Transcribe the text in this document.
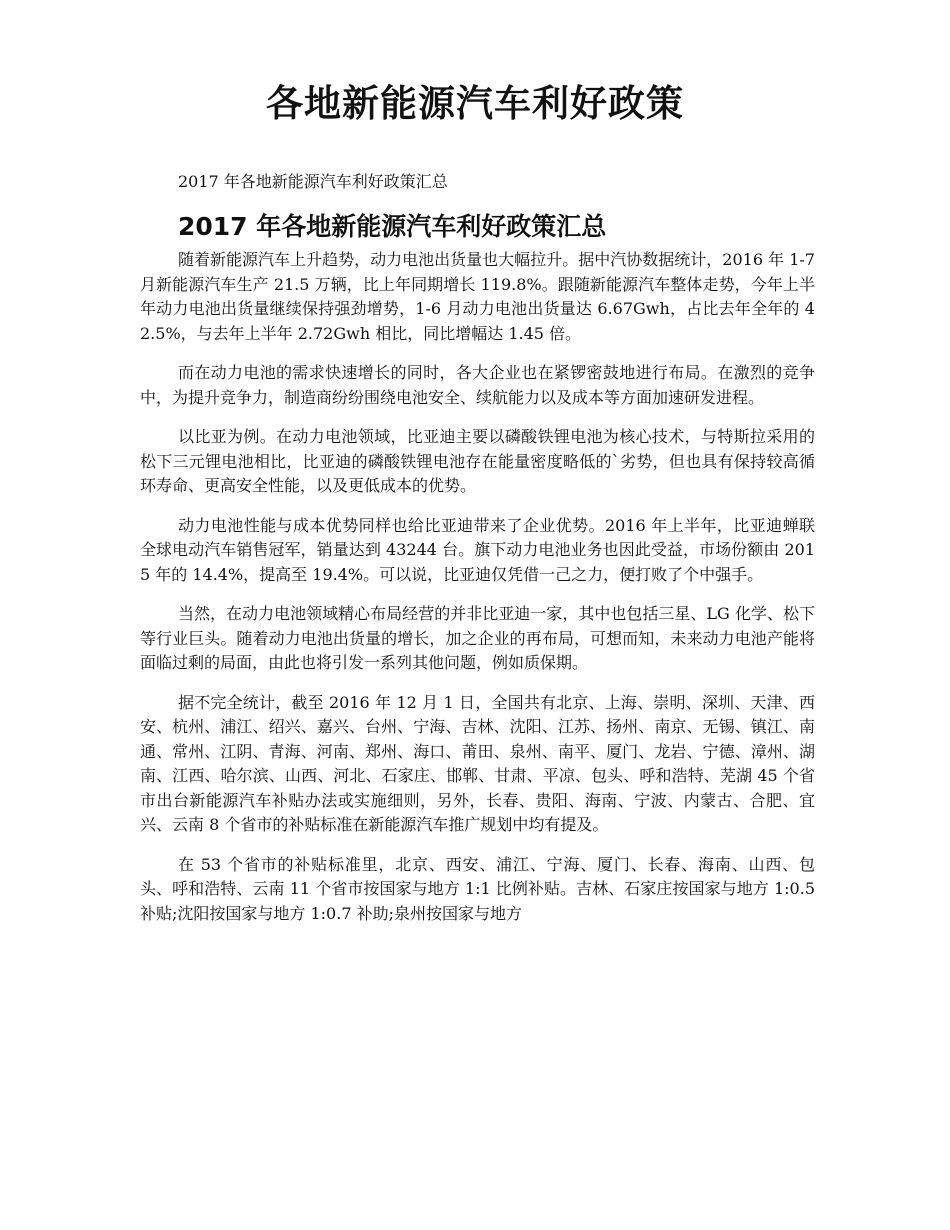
各地新能源汽车利好政策

2017 年各地新能源汽车利好政策汇总

2017 年各地新能源汽车利好政策汇总

随着新能源汽车上升趋势，动力电池出货量也大幅拉升。据中汽协数据统计，2016 年 1-7 月新能源汽车生产 21.5 万辆，比上年同期增长 119.8%。跟随新能源汽车整体走势，今年上半年动力电池出货量继续保持强劲增势，1-6 月动力电池出货量达 6.67Gwh，占比去年全年的 42.5%，与去年上半年 2.72Gwh 相比，同比增幅达 1.45 倍。

而在动力电池的需求快速增长的同时，各大企业也在紧锣密鼓地进行布局。在激烈的竞争中，为提升竞争力，制造商纷纷围绕电池安全、续航能力以及成本等方面加速研发进程。

以比亚为例。在动力电池领域，比亚迪主要以磷酸铁锂电池为核心技术，与特斯拉采用的松下三元锂电池相比，比亚迪的磷酸铁锂电池存在能量密度略低的`劣势，但也具有保持较高循环寿命、更高安全性能，以及更低成本的优势。

动力电池性能与成本优势同样也给比亚迪带来了企业优势。2016 年上半年，比亚迪蝉联全球电动汽车销售冠军，销量达到 43244 台。旗下动力电池业务也因此受益，市场份额由 2015 年的 14.4%，提高至 19.4%。可以说，比亚迪仅凭借一己之力，便打败了个中强手。

当然，在动力电池领域精心布局经营的并非比亚迪一家，其中也包括三星、LG 化学、松下等行业巨头。随着动力电池出货量的增长，加之企业的再布局，可想而知，未来动力电池产能将面临过剩的局面，由此也将引发一系列其他问题，例如质保期。

据不完全统计，截至 2016 年 12 月 1 日，全国共有北京、上海、崇明、深圳、天津、西安、杭州、浦江、绍兴、嘉兴、台州、宁海、吉林、沈阳、江苏、扬州、南京、无锡、镇江、南通、常州、江阴、青海、河南、郑州、海口、莆田、泉州、南平、厦门、龙岩、宁德、漳州、湖南、江西、哈尔滨、山西、河北、石家庄、邯郸、甘肃、平凉、包头、呼和浩特、芜湖 45 个省市出台新能源汽车补贴办法或实施细则，另外，长春、贵阳、海南、宁波、内蒙古、合肥、宜兴、云南 8 个省市的补贴标准在新能源汽车推广规划中均有提及。

在 53 个省市的补贴标准里，北京、西安、浦江、宁海、厦门、长春、海南、山西、包头、呼和浩特、云南 11 个省市按国家与地方 1:1 比例补贴。吉林、石家庄按国家与地方 1:0.5 补贴;沈阳按国家与地方 1:0.7 补助;泉州按国家与地方
